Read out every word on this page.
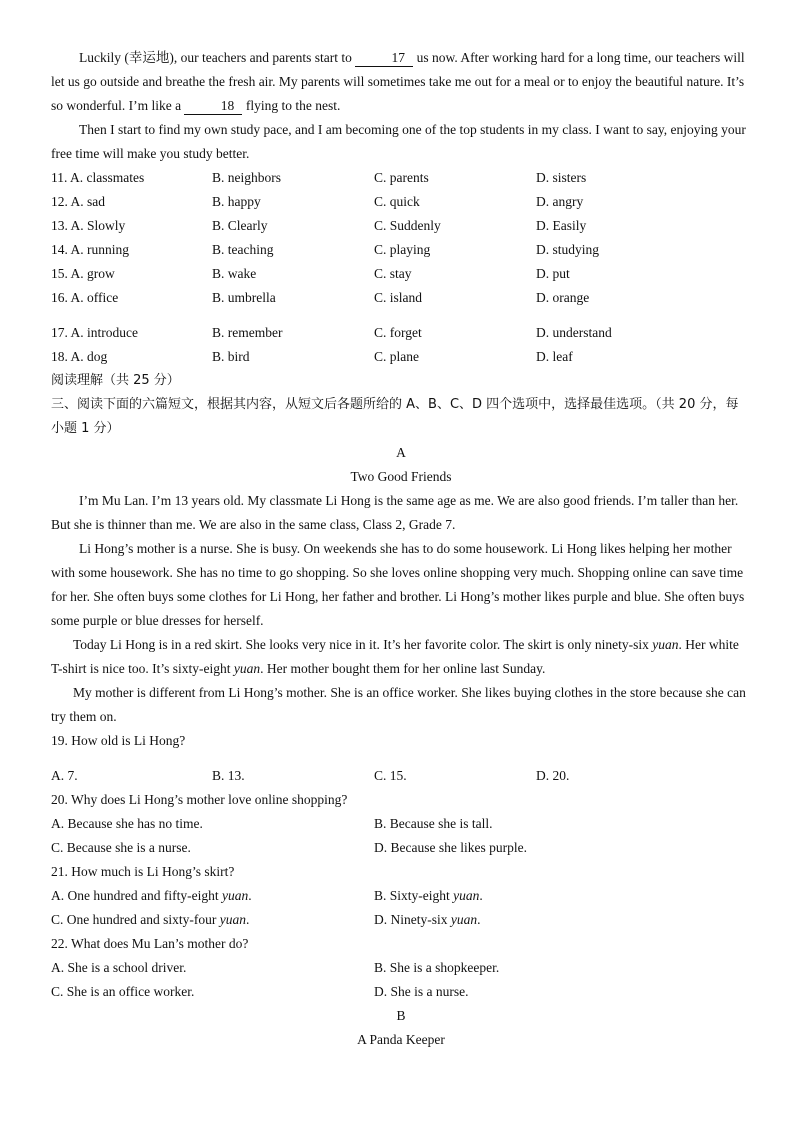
Luckily (幸运地), our teachers and parents start to	17 us now. After working hard for a long time, our teachers will let us go outside and breathe the fresh air. My parents will sometimes take me out for a meal or to enjoy the beautiful nature. It’s so wonderful. I’m like a	18 flying to the nest.

Then I start to find my own study pace, and I am becoming one of the top students in my class. I want to say, enjoying your free time will make you study better.

11. A. classmates	B. neighbors	C. parents	D. sisters
12. A. sad	B. happy	C. quick	D. angry
13. A. Slowly	B. Clearly	C. Suddenly	D. Easily
14. A. running	B. teaching	C. playing	D. studying
15. A. grow	B. wake	C. stay	D. put
16. A. office	B. umbrella	C. island	D. orange
17. A. introduce	B. remember	C. forget	D. understand
18. A. dog	B. bird	C. plane	D. leaf

阅读理解（共 25 分）

三、阅读下面的六篇短文，根据其内容，从短文后各题所给的 A、B、C、D 四个选项中，选择最佳选项。（共 20 分，每小题 1 分）

A

Two Good Friends

I’m Mu Lan. I’m 13 years old. My classmate Li Hong is the same age as me. We are also good friends. I’m taller than her. But she is thinner than me. We are also in the same class, Class 2, Grade 7.

Li Hong’s mother is a nurse. She is busy. On weekends she has to do some housework. Li Hong likes helping her mother with some housework. She has no time to go shopping. So she loves online shopping very much. Shopping online can save time for her. She often buys some clothes for Li Hong, her father and brother. Li Hong’s mother likes purple and blue. She often buys some purple or blue dresses for herself.

Today Li Hong is in a red skirt. She looks very nice in it. It’s her favorite color. The skirt is only ninety-six yuan. Her white T-shirt is nice too. It’s sixty-eight yuan. Her mother bought them for her online last Sunday.

My mother is different from Li Hong’s mother. She is an office worker. She likes buying clothes in the store because she can try them on.

19. How old is Li Hong?

A. 7.	B. 13.	C. 15.	D. 20.

20. Why does Li Hong’s mother love online shopping?

A. Because she has no time.	B. Because she is tall.
C. Because she is a nurse.	D. Because she likes purple.

21. How much is Li Hong’s skirt?

A. One hundred and fifty-eight yuan.	B. Sixty-eight yuan.
C. One hundred and sixty-four yuan.	D. Ninety-six yuan.

22. What does Mu Lan’s mother do?

A. She is a school driver.	B. She is a shopkeeper.
C. She is an office worker.	D. She is a nurse.

B

A Panda Keeper
